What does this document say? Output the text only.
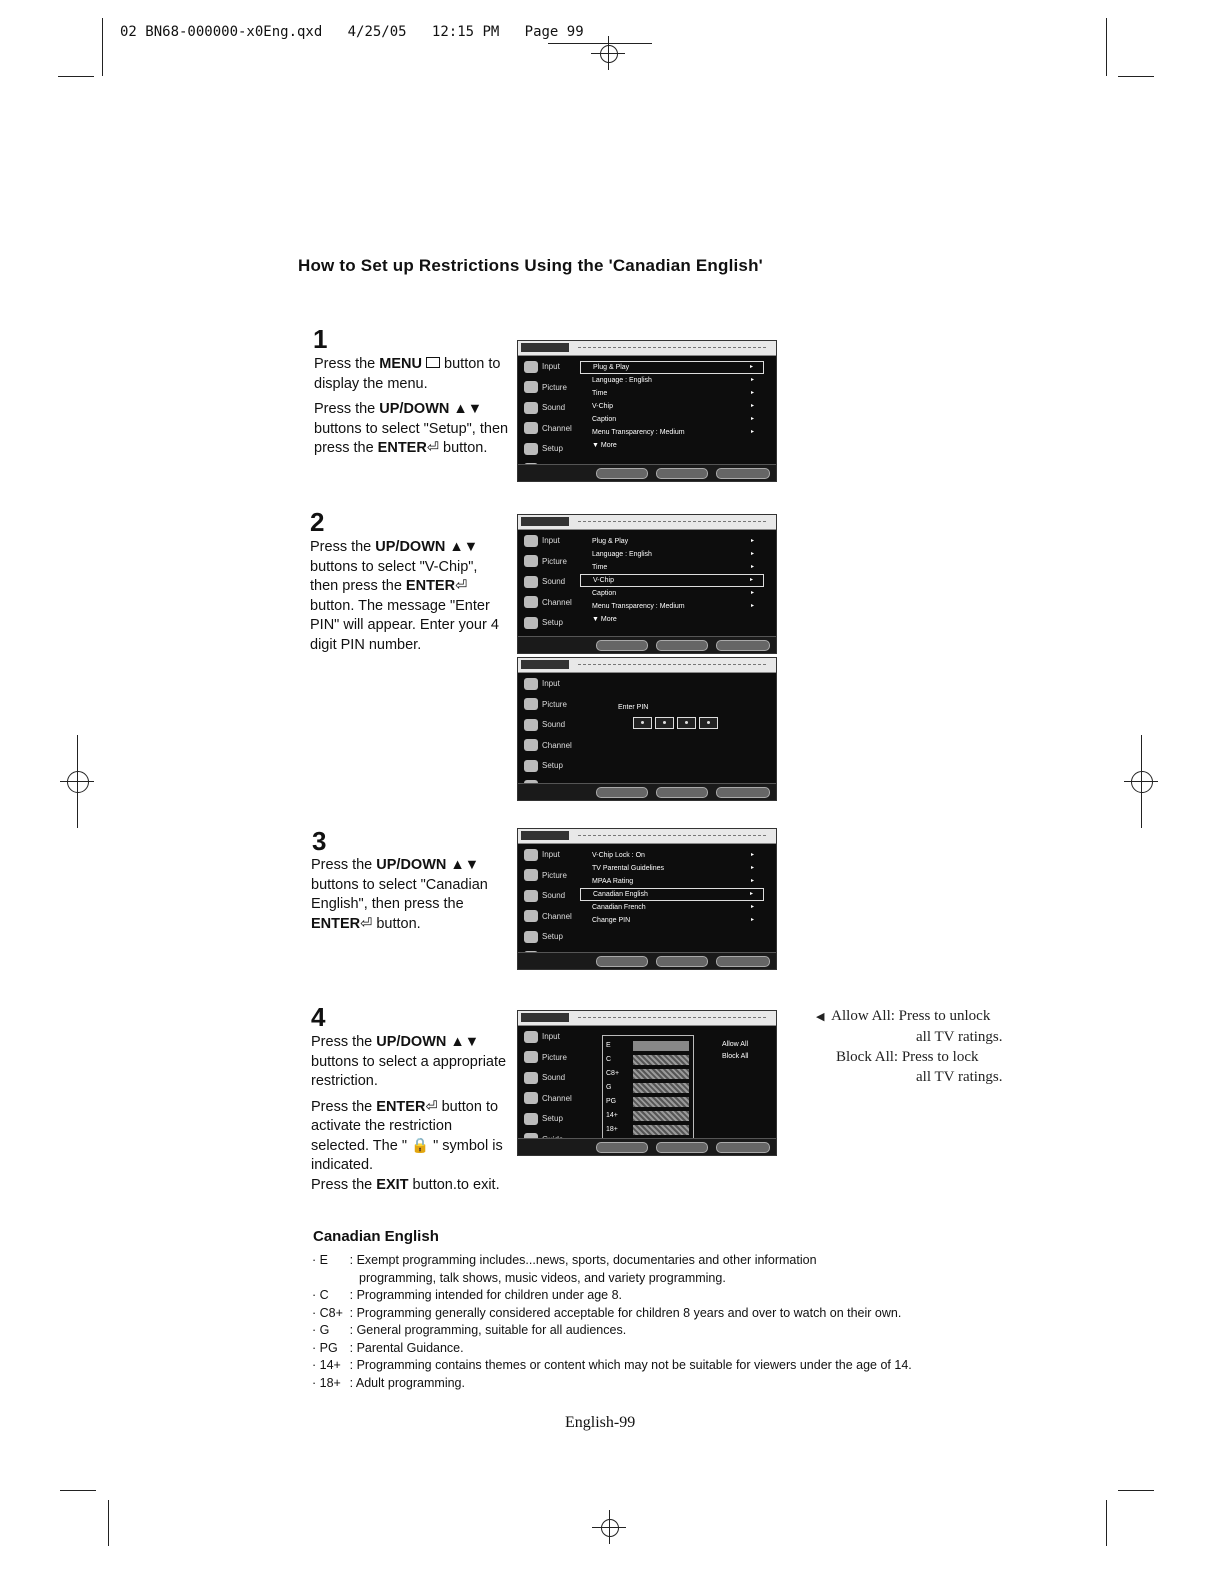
02 BN68-000000-x0Eng.qxd 4/25/05 12:15 PM Page 99
How to Set up Restrictions Using the 'Canadian English'
1

Press the MENU  button to display the menu.

Press the UP/DOWN ▲▼ buttons to select "Setup", then press the ENTER⏎ button.

Input
Picture
Sound
Channel
Setup
Plug & Play	▸
Language : English	▸
Time	▸
V-Chip	▸
Caption	▸
Menu Transparency : Medium	▸
▼ More
2

Press the UP/DOWN ▲▼ buttons to select "V-Chip", then press the ENTER⏎ button. The message "Enter PIN" will appear. Enter your 4 digit PIN number.

Input
Picture
Sound
Channel
Setup
Plug & Play	▸
Language : English	▸
Time	▸
V-Chip	▸
Caption	▸
Menu Transparency : Medium	▸
▼ More
Input
Picture
Sound
Channel
Setup
Enter PIN
3

Press the UP/DOWN ▲▼ buttons to select "Canadian English", then press the ENTER⏎ button.

Input
Picture
Sound
Channel
Setup
V-Chip Lock : On	▸
TV Parental Guidelines	▸
MPAA Rating	▸
Canadian English	▸
Canadian French	▸
Change PIN	▸
4

Press the UP/DOWN ▲▼ buttons to select a appropriate restriction.

Press the ENTER⏎ button to activate the restriction selected. The " 🔒 " symbol is indicated.

Press the EXIT button.to exit.

Input
Picture
Sound
Channel
Setup
E
C
C8+
G
PG
14+
18+
Allow All
Block All
◀ Allow All: Press to unlock
all TV ratings.
Block All: Press to lock
all TV ratings.
Canadian English
· E : Exempt programming includes...news, sports, documentaries and other information
programming, talk shows, music videos, and variety programming.
· C : Programming intended for children under age 8.
· C8+ : Programming generally considered acceptable for children 8 years and over to watch on their own.
· G : General programming, suitable for all audiences.
· PG : Parental Guidance.
· 14+ : Programming contains themes or content which may not be suitable for viewers under the age of 14.
· 18+ : Adult programming.
English-99
